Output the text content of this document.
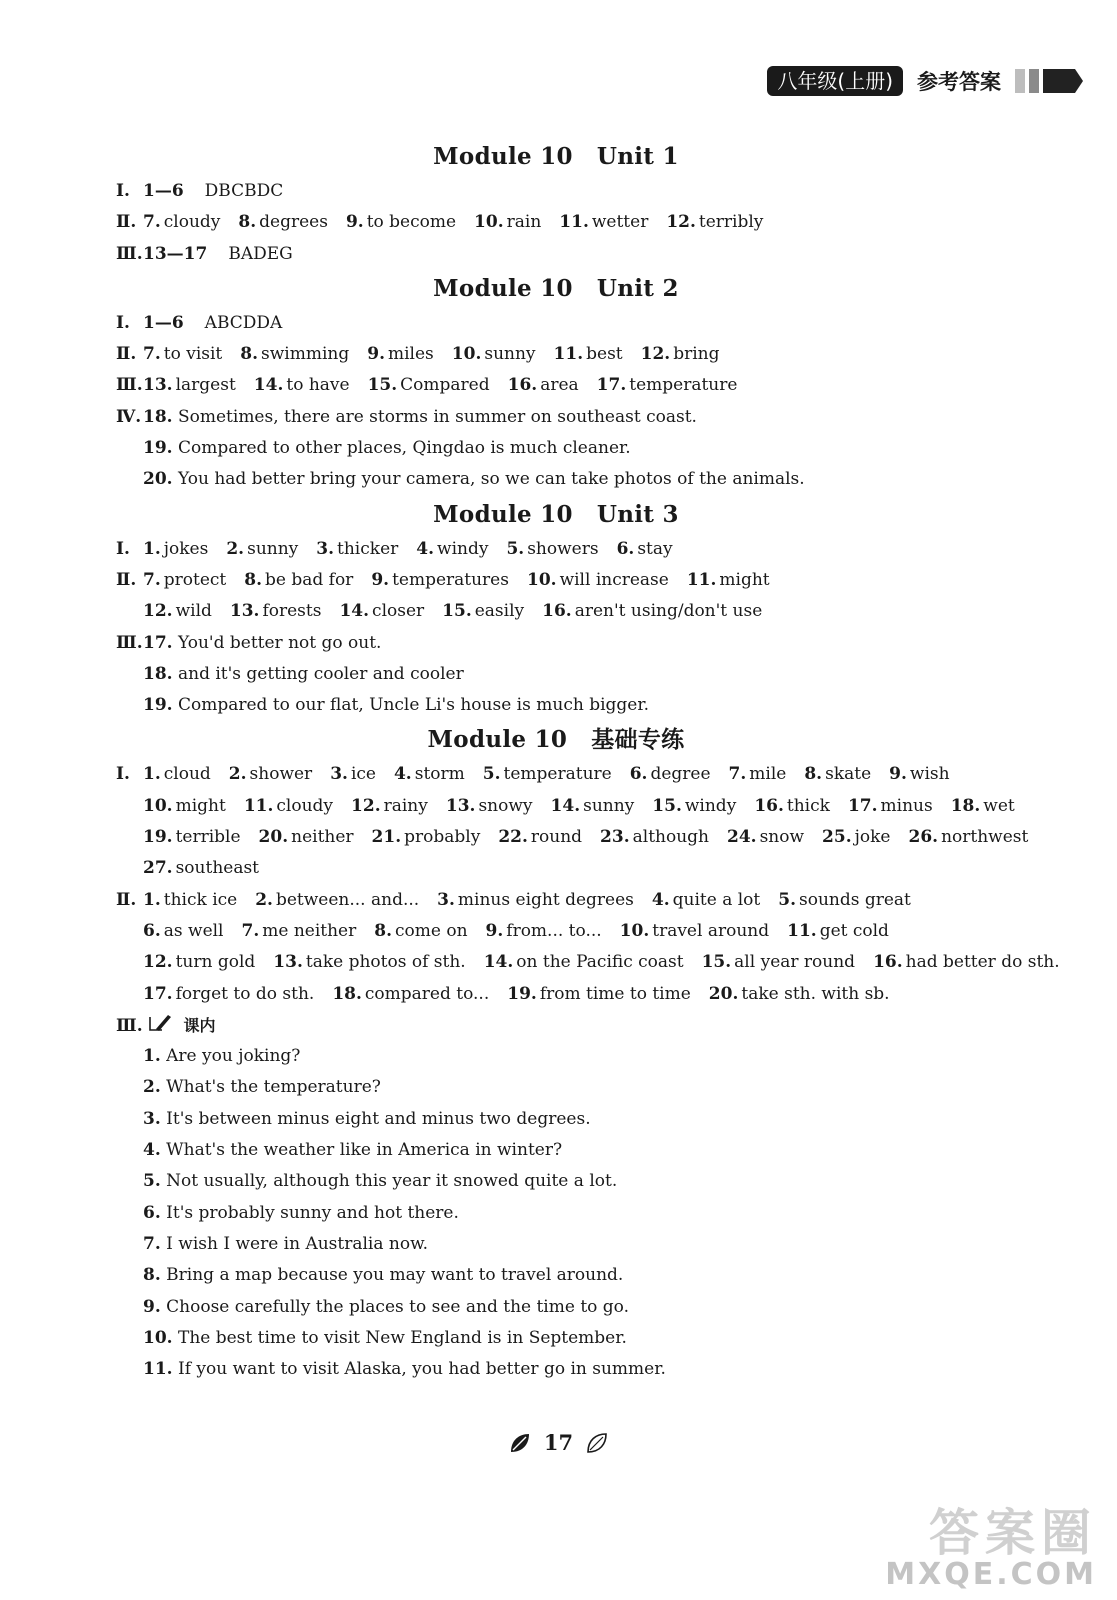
八年级(上册)	参考答案
Module 10 Unit 1
Ⅰ. 1—6 DBCBDC
Ⅱ. 7. cloudy 8. degrees 9. to become 10. rain 11. wetter 12. terribly
Ⅲ.13—17 BADEG
Module 10 Unit 2
Ⅰ. 1—6 ABCDDA
Ⅱ. 7. to visit 8. swimming 9. miles 10. sunny 11. best 12. bring
Ⅲ.13. largest 14. to have 15. Compared 16. area 17. temperature
Ⅳ. 18. Sometimes, there are storms in summer on southeast coast.
19. Compared to other places, Qingdao is much cleaner.
20. You had better bring your camera, so we can take photos of the animals.
Module 10 Unit 3
Ⅰ. 1. jokes 2. sunny 3. thicker 4. windy 5. showers 6. stay
Ⅱ. 7. protect 8. be bad for 9. temperatures 10. will increase 11. might
12. wild 13. forests 14. closer 15. easily 16. aren't using/don't use
Ⅲ.17. You'd better not go out.
18. and it's getting cooler and cooler
19. Compared to our flat, Uncle Li's house is much bigger.
Module 10 基础专练
Ⅰ. 1. cloud 2. shower 3. ice 4. storm 5. temperature 6. degree 7. mile 8. skate 9. wish
10. might 11. cloudy 12. rainy 13. snowy 14. sunny 15. windy 16. thick 17. minus 18. wet
19. terrible 20. neither 21. probably 22. round 23. although 24. snow 25. joke 26. northwest
27. southeast
Ⅱ. 1. thick ice 2. between... and... 3. minus eight degrees 4. quite a lot 5. sounds great
6. as well 7. me neither 8. come on 9. from... to... 10. travel around 11. get cold
12. turn gold 13. take photos of sth. 14. on the Pacific coast 15. all year round 16. had better do sth.
17. forget to do sth. 18. compared to... 19. from time to time 20. take sth. with sb.
Ⅲ.	课内
1. Are you joking?
2. What's the temperature?
3. It's between minus eight and minus two degrees.
4. What's the weather like in America in winter?
5. Not usually, although this year it snowed quite a lot.
6. It's probably sunny and hot there.
7. I wish I were in Australia now.
8. Bring a map because you may want to travel around.
9. Choose carefully the places to see and the time to go.
10. The best time to visit New England is in September.
11. If you want to visit Alaska, you had better go in summer.
17
答案圈
MXQE.COM
